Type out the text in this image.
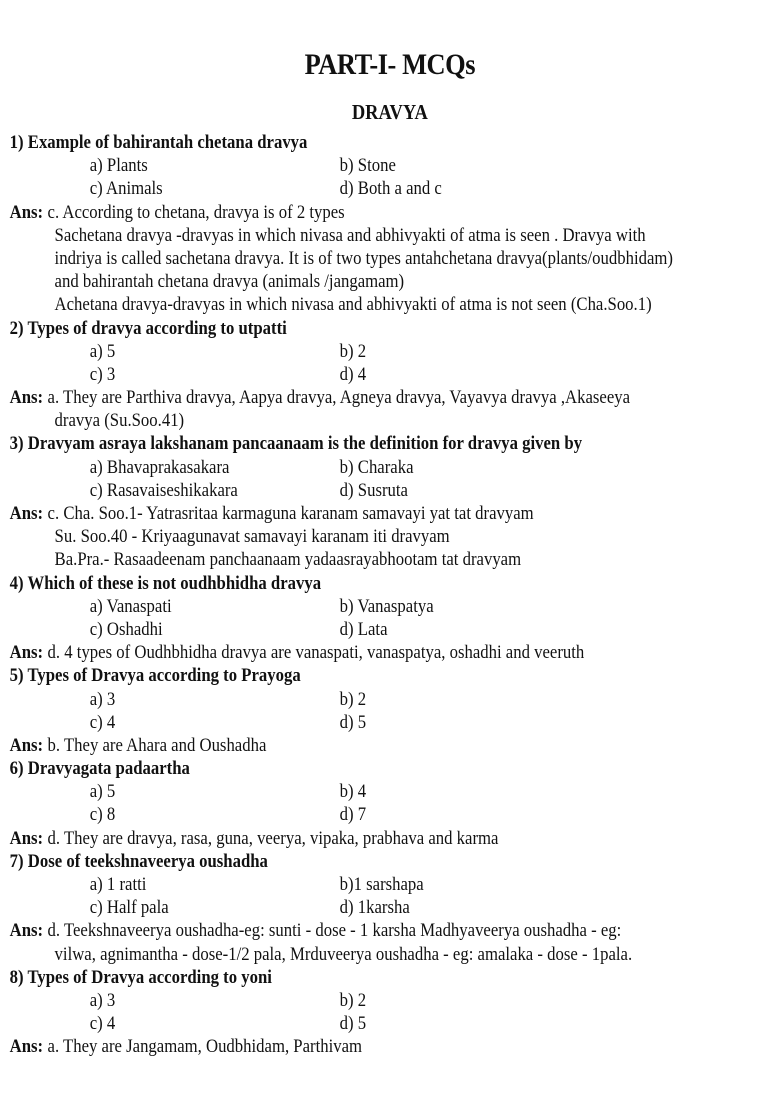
PART-I- MCQs
DRAVYA
1) Example of bahirantah chetana dravya
a) Plants	b) Stone
c) Animals	d) Both a and c
Ans: c. According to chetana, dravya is of 2 types
Sachetana dravya -dravyas in which nivasa and abhivyakti of atma is seen . Dravya with
indriya is called sachetana dravya. It is of two types antahchetana dravya(plants/oudbhidam)
and bahirantah chetana dravya (animals /jangamam)
Achetana dravya-dravyas in which nivasa and abhivyakti of atma is not seen (Cha.Soo.1)
2) Types of dravya according to utpatti
a) 5	b) 2
c) 3	d) 4
Ans: a. They are Parthiva dravya, Aapya dravya, Agneya dravya, Vayavya dravya ,Akaseeya
dravya (Su.Soo.41)
3) Dravyam asraya lakshanam pancaanaam is the definition for dravya given by
a) Bhavaprakasakara	b) Charaka
c) Rasavaiseshikakara	d) Susruta
Ans: c. Cha. Soo.1- Yatrasritaa karmaguna karanam samavayi yat tat dravyam
Su. Soo.40 - Kriyaagunavat samavayi karanam iti dravyam
Ba.Pra.- Rasaadeenam panchaanaam yadaasrayabhootam tat dravyam
4) Which of these is not oudhbhidha dravya
a) Vanaspati	b) Vanaspatya
c) Oshadhi	d) Lata
Ans: d. 4 types of Oudhbhidha dravya are vanaspati, vanaspatya, oshadhi and veeruth
5) Types of Dravya according to Prayoga
a) 3	b) 2
c) 4	d) 5
Ans: b. They are Ahara and Oushadha
6) Dravyagata padaartha
a) 5	b) 4
c) 8	d) 7
Ans: d. They are dravya, rasa, guna, veerya, vipaka, prabhava and karma
7) Dose of teekshnaveerya oushadha
a) 1 ratti	b)1 sarshapa
c) Half pala	d) 1karsha
Ans: d. Teekshnaveerya oushadha-eg: sunti - dose - 1 karsha Madhyaveerya oushadha - eg:
vilwa, agnimantha - dose-1/2 pala, Mrduveerya oushadha - eg: amalaka - dose - 1pala.
8) Types of Dravya according to yoni
a) 3	b) 2
c) 4	d) 5
Ans: a. They are Jangamam, Oudbhidam, Parthivam
